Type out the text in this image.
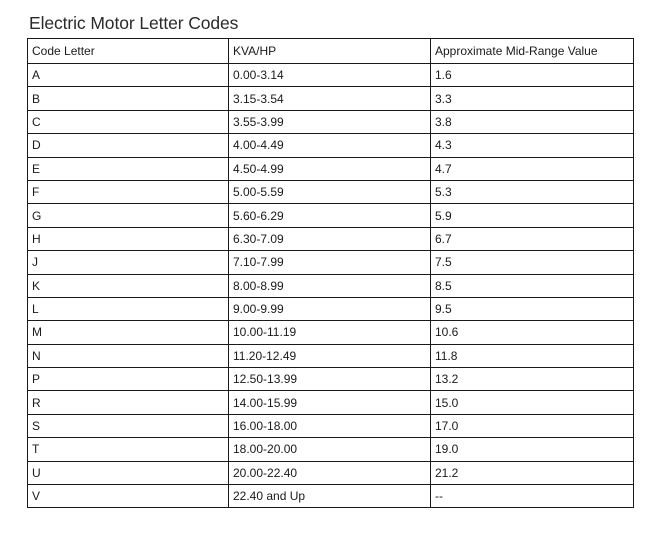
Electric Motor Letter Codes
Code Letter	KVA/HP	Approximate Mid-Range Value
A	0.00-3.14	1.6
B	3.15-3.54	3.3
C	3.55-3.99	3.8
D	4.00-4.49	4.3
E	4.50-4.99	4.7
F	5.00-5.59	5.3
G	5.60-6.29	5.9
H	6.30-7.09	6.7
J	7.10-7.99	7.5
K	8.00-8.99	8.5
L	9.00-9.99	9.5
M	10.00-11.19	10.6
N	11.20-12.49	11.8
P	12.50-13.99	13.2
R	14.00-15.99	15.0
S	16.00-18.00	17.0
T	18.00-20.00	19.0
U	20.00-22.40	21.2
V	22.40 and Up	--
